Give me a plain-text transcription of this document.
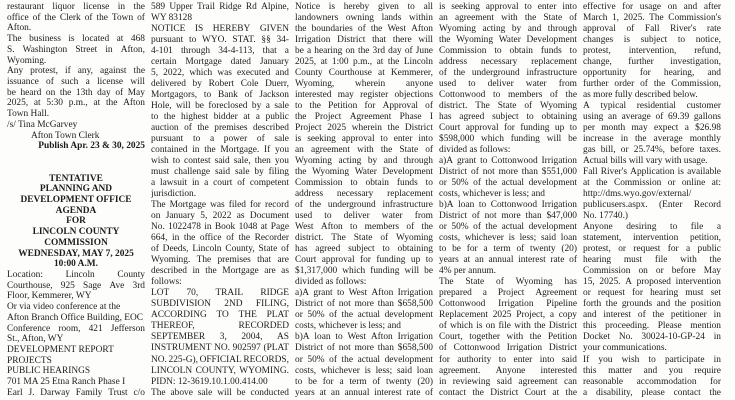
restaurant liquor license in the
office of the Clerk of the Town of
Afton.
The business is located at 468
S. Washington Street in Afton,
Wyoming.
Any protest, if any, against the
issuance of such a license will
be heard on the 13th day of May
2025, at 5:30 p.m., at the Afton
Town Hall.
/s/ Tina McGarvey
Afton Town Clerk
Publish Apr. 23 & 30, 2025
TENTATIVE
PLANNING AND
DEVELOPMENT OFFICE
AGENDA
FOR
LINCOLN COUNTY
COMMISSION
WEDNESDAY, MAY 7, 2025
10:00 A.M.
Location: Lincoln County
Courthouse, 925 Sage Ave 3rd
Floor, Kemmerer, WY
Or via video conference at the
Afton Branch Office Building, EOC
Conference room, 421 Jefferson
St., Afton, WY
DEVELOPMENT REPORT
PROJECTS
PUBLIC HEARINGS
701 MA 25 Etna Ranch Phase I
Earl J. Darway Family Trust c/o
589 Upper Trail Ridge Rd Alpine,
WY 83128
NOTICE IS HEREBY GIVEN
pursuant to WYO. STAT. §§ 34-
4-101 through 34-4-113, that a
certain Mortgage dated January
5, 2022, which was executed and
delivered by Robert Cole Duerr,
Mortgagors, to Bank of Jackson
Hole, will be foreclosed by a sale
to the highest bidder at a public
auction of the premises described
pursuant to a power of sale
contained in the Mortgage. If you
wish to contest said sale, then you
must challenge said sale by filing
a lawsuit in a court of competent
jurisdiction.
The Mortgage was filed for record
on January 5, 2022 as Document
No. 1022478 in Book 1048 at Page
664, in the office of the Recorder
of Deeds, Lincoln County, State of
Wyoming. The premises that are
described in the Mortgage are as
follows:
LOT 70, TRAIL RIDGE
SUBDIVISION 2ND FILING,
ACCORDING TO THE PLAT
THEREOF,	RECORDED
SEPTEMBER 3, 2004, AS
INSTRUMENT NO. 902597 (PLAT
NO. 225-G), OFFICIAL RECORDS,
LINCOLN COUNTY, WYOMING.
PIDN: 12-3619.10.1.00.414.00
The above sale will be conducted
Notice is hereby given to all
landowners owning lands within
the boundaries of the West Afton
Irrigation District that there will
be a hearing on the 3rd day of June
2025, at 1:00 p.m., at the Lincoln
County Courthouse at Kemmerer,
Wyoming, wherein anyone
interested may register objections
to the Petition for Approval of
the Project Agreement Phase I
Project 2025 wherein the District
is seeking approval to enter into
an agreement with the State of
Wyoming acting by and through
the Wyoming Water Development
Commission to obtain funds to
address necessary replacement
of the underground infrastructure
used to deliver water from
West Afton to members of the
district. The State of Wyoming
has agreed subject to obtaining
Court approval for funding up to
$1,317,000 which funding will be
divided as follows:
a)A grant to West Afton Irrigation
District of not more than $658,500
or 50% of the actual development
costs, whichever is less; and
b)A loan to West Afton Irrigation
District of not more than $658,500
or 50% of the actual development
costs, whichever is less; said loan
to be for a term of twenty (20)
years at an annual interest rate of
is seeking approval to enter into
an agreement with the State of
Wyoming acting by and through
the Wyoming Water Development
Commission to obtain funds to
address necessary replacement
of the underground infrastructure
used to deliver water from
Cottonwood to members of the
district. The State of Wyoming
has agreed subject to obtaining
Court approval for funding up to
$598,000 which funding will be
divided as follows:
a)A grant to Cottonwood Irrigation
District of not more than $551,000
or 50% of the actual development
costs, whichever is less; and
b)A loan to Cottonwood Irrigation
District of not more than $47,000
or 50% of the actual development
costs, whichever is less; said loan
to be for a term of twenty (20)
years at an annual interest rate of
4% per annum.
The State of Wyoming has
prepared a Project Agreement
Cottonwood Irrigation Pipeline
Replacement 2025 Project, a copy
of which is on file with the District
Court, together with the Petition
of Cottonwood Irrigation District
for authority to enter into said
agreement. Anyone interested
in reviewing said agreement can
contact the District Court at the
effective for usage on and after
March 1, 2025. The Commission's
approval of Fall River's rate
changes is subject to notice,
protest, intervention, refund,
change, further investigation,
opportunity for hearing, and
further order of the Commission,
as more fully described below.
A typical residential customer
using an average of 69.39 gallons
per month may expect a $26.98
increase in the average monthly
gas bill, or 25.74%, before taxes.
Actual bills will vary with usage.
Fall River's Application is available
at the Commission or online at:
http://dms.wyo.gov/external/
publicusers.aspx. (Enter Record
No. 17740.)
Anyone desiring to file a
statement, intervention petition,
protest, or request for a public
hearing must file with the
Commission on or before May
15, 2025. A proposed intervention
or request for hearing must set
forth the grounds and the position
and interest of the petitioner in
this proceeding. Please mention
Docket No. 30024-10-GP-24 in
your communications.
If you wish to participate in
this matter and you require
reasonable accommodation for
a disability, please contact the
